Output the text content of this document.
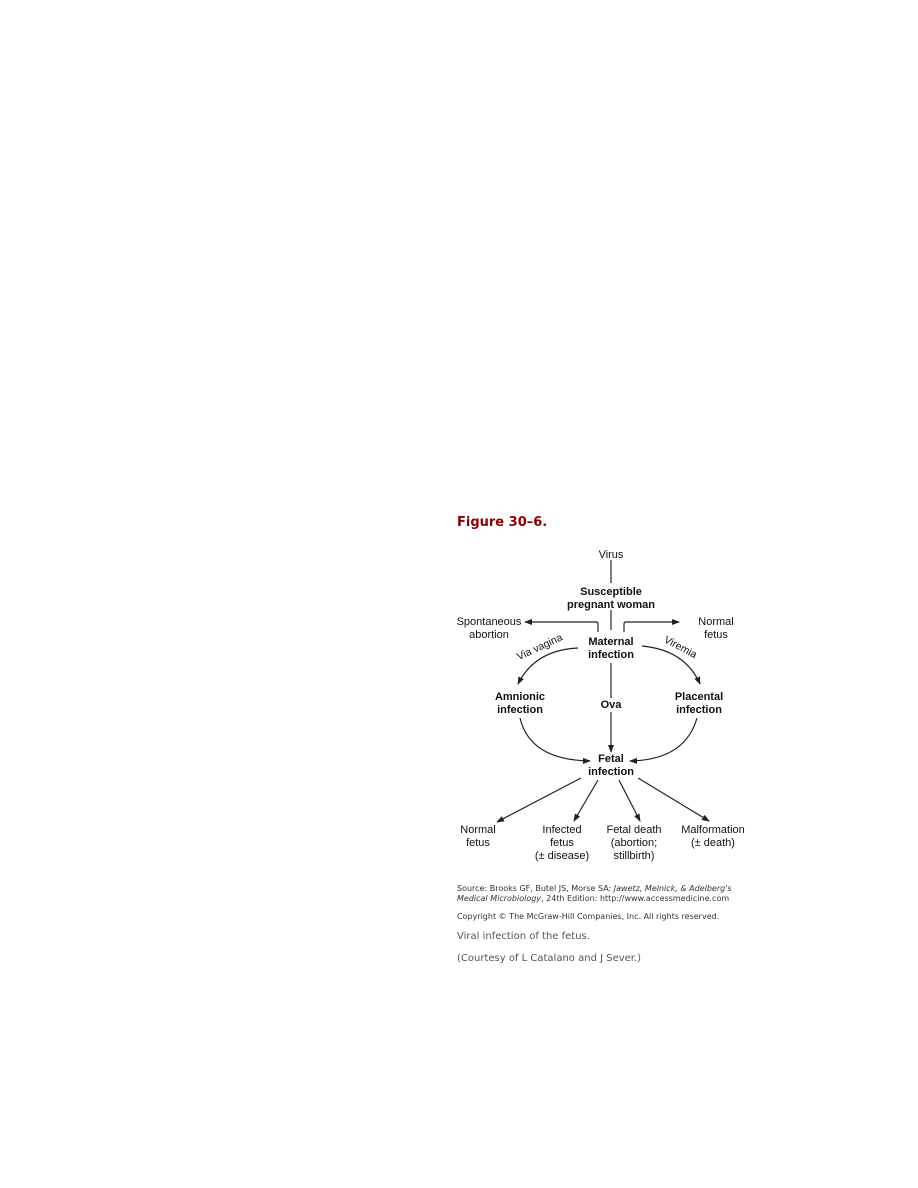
Figure 30–6.
Via vagina	Viremia
Virus
Susceptible
pregnant woman
Spontaneous
abortion
Normal
fetus
Maternal
infection
Amnionic
infection	Ova
Placental
infection
Fetal
infection
Normal
fetus
Infected
fetus
(± disease)
Fetal death
(abortion;
stillbirth)
Malformation
(± death)

Source: Brooks GF, Butel JS, Morse SA: Jawetz, Melnick, & Adelberg's
Medical Microbiology, 24th Edition: http://www.accessmedicine.com

Copyright © The McGraw-Hill Companies, Inc. All rights reserved.

Viral infection of the fetus.

(Courtesy of L Catalano and J Sever.)
